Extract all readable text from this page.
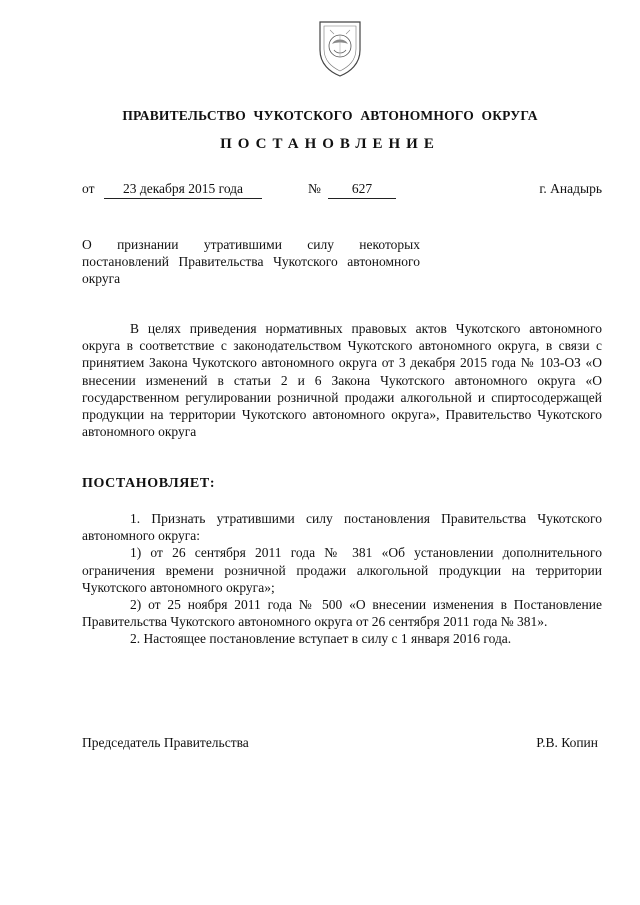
ПРАВИТЕЛЬСТВО ЧУКОТСКОГО АВТОНОМНОГО ОКРУГА
ПОСТАНОВЛЕНИЕ
от	23 декабря 2015 года	№	627	г. Анадырь

О признании утратившими силу некоторых постановлений Правительства Чукотского автономного округа

В целях приведения нормативных правовых актов Чукотского автономного округа в соответствие с законодательством Чукотского автономного округа, в связи с принятием Закона Чукотского автономного округа от 3 декабря 2015 года № 103-ОЗ «О внесении изменений в статьи 2 и 6 Закона Чукотского автономного округа «О государственном регулировании розничной продажи алкогольной и спиртосодержащей продукции на территории Чукотского автономного округа», Правительство Чукотского автономного округа

ПОСТАНОВЛЯЕТ:

1. Признать утратившими силу постановления Правительства Чукотского автономного округа:

1) от 26 сентября 2011 года № 381 «Об установлении дополнительного ограничения времени розничной продажи алкогольной продукции на территории Чукотского автономного округа»;

2) от 25 ноября 2011 года № 500 «О внесении изменения в Постановление Правительства Чукотского автономного округа от 26 сентября 2011 года № 381».

2. Настоящее постановление вступает в силу с 1 января 2016 года.

Председатель Правительства	Р.В. Копин
